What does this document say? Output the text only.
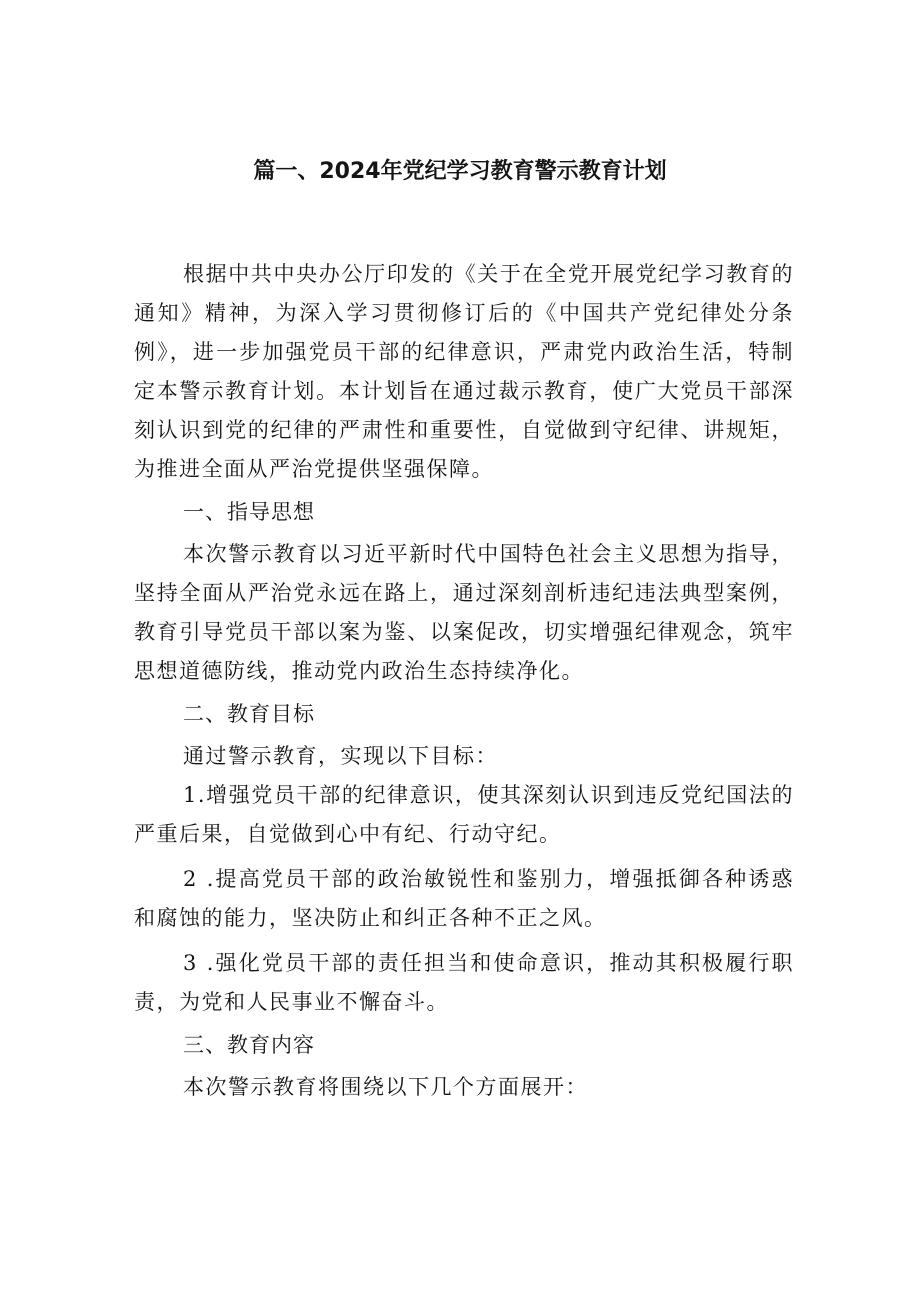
篇一、2024年党纪学习教育警示教育计划

根据中共中央办公厅印发的《关于在全党开展党纪学习教育的通知》精神，为深入学习贯彻修订后的《中国共产党纪律处分条例》，进一步加强党员干部的纪律意识，严肃党内政治生活，特制定本警示教育计划。本计划旨在通过裁示教育，使广大党员干部深刻认识到党的纪律的严肃性和重要性，自觉做到守纪律、讲规矩，为推进全面从严治党提供坚强保障。

一、指导思想

本次警示教育以习近平新时代中国特色社会主义思想为指导，坚持全面从严治党永远在路上，通过深刻剖析违纪违法典型案例，教育引导党员干部以案为鉴、以案促改，切实增强纪律观念，筑牢思想道德防线，推动党内政治生态持续净化。

二、教育目标

通过警示教育，实现以下目标：

1.增强党员干部的纪律意识，使其深刻认识到违反党纪国法的严重后果，自觉做到心中有纪、行动守纪。

2 .提高党员干部的政治敏锐性和鉴别力，增强抵御各种诱惑和腐蚀的能力，坚决防止和纠正各种不正之风。

3 .强化党员干部的责任担当和使命意识，推动其积极履行职责，为党和人民事业不懈奋斗。

三、教育内容

本次警示教育将围绕以下几个方面展开：
